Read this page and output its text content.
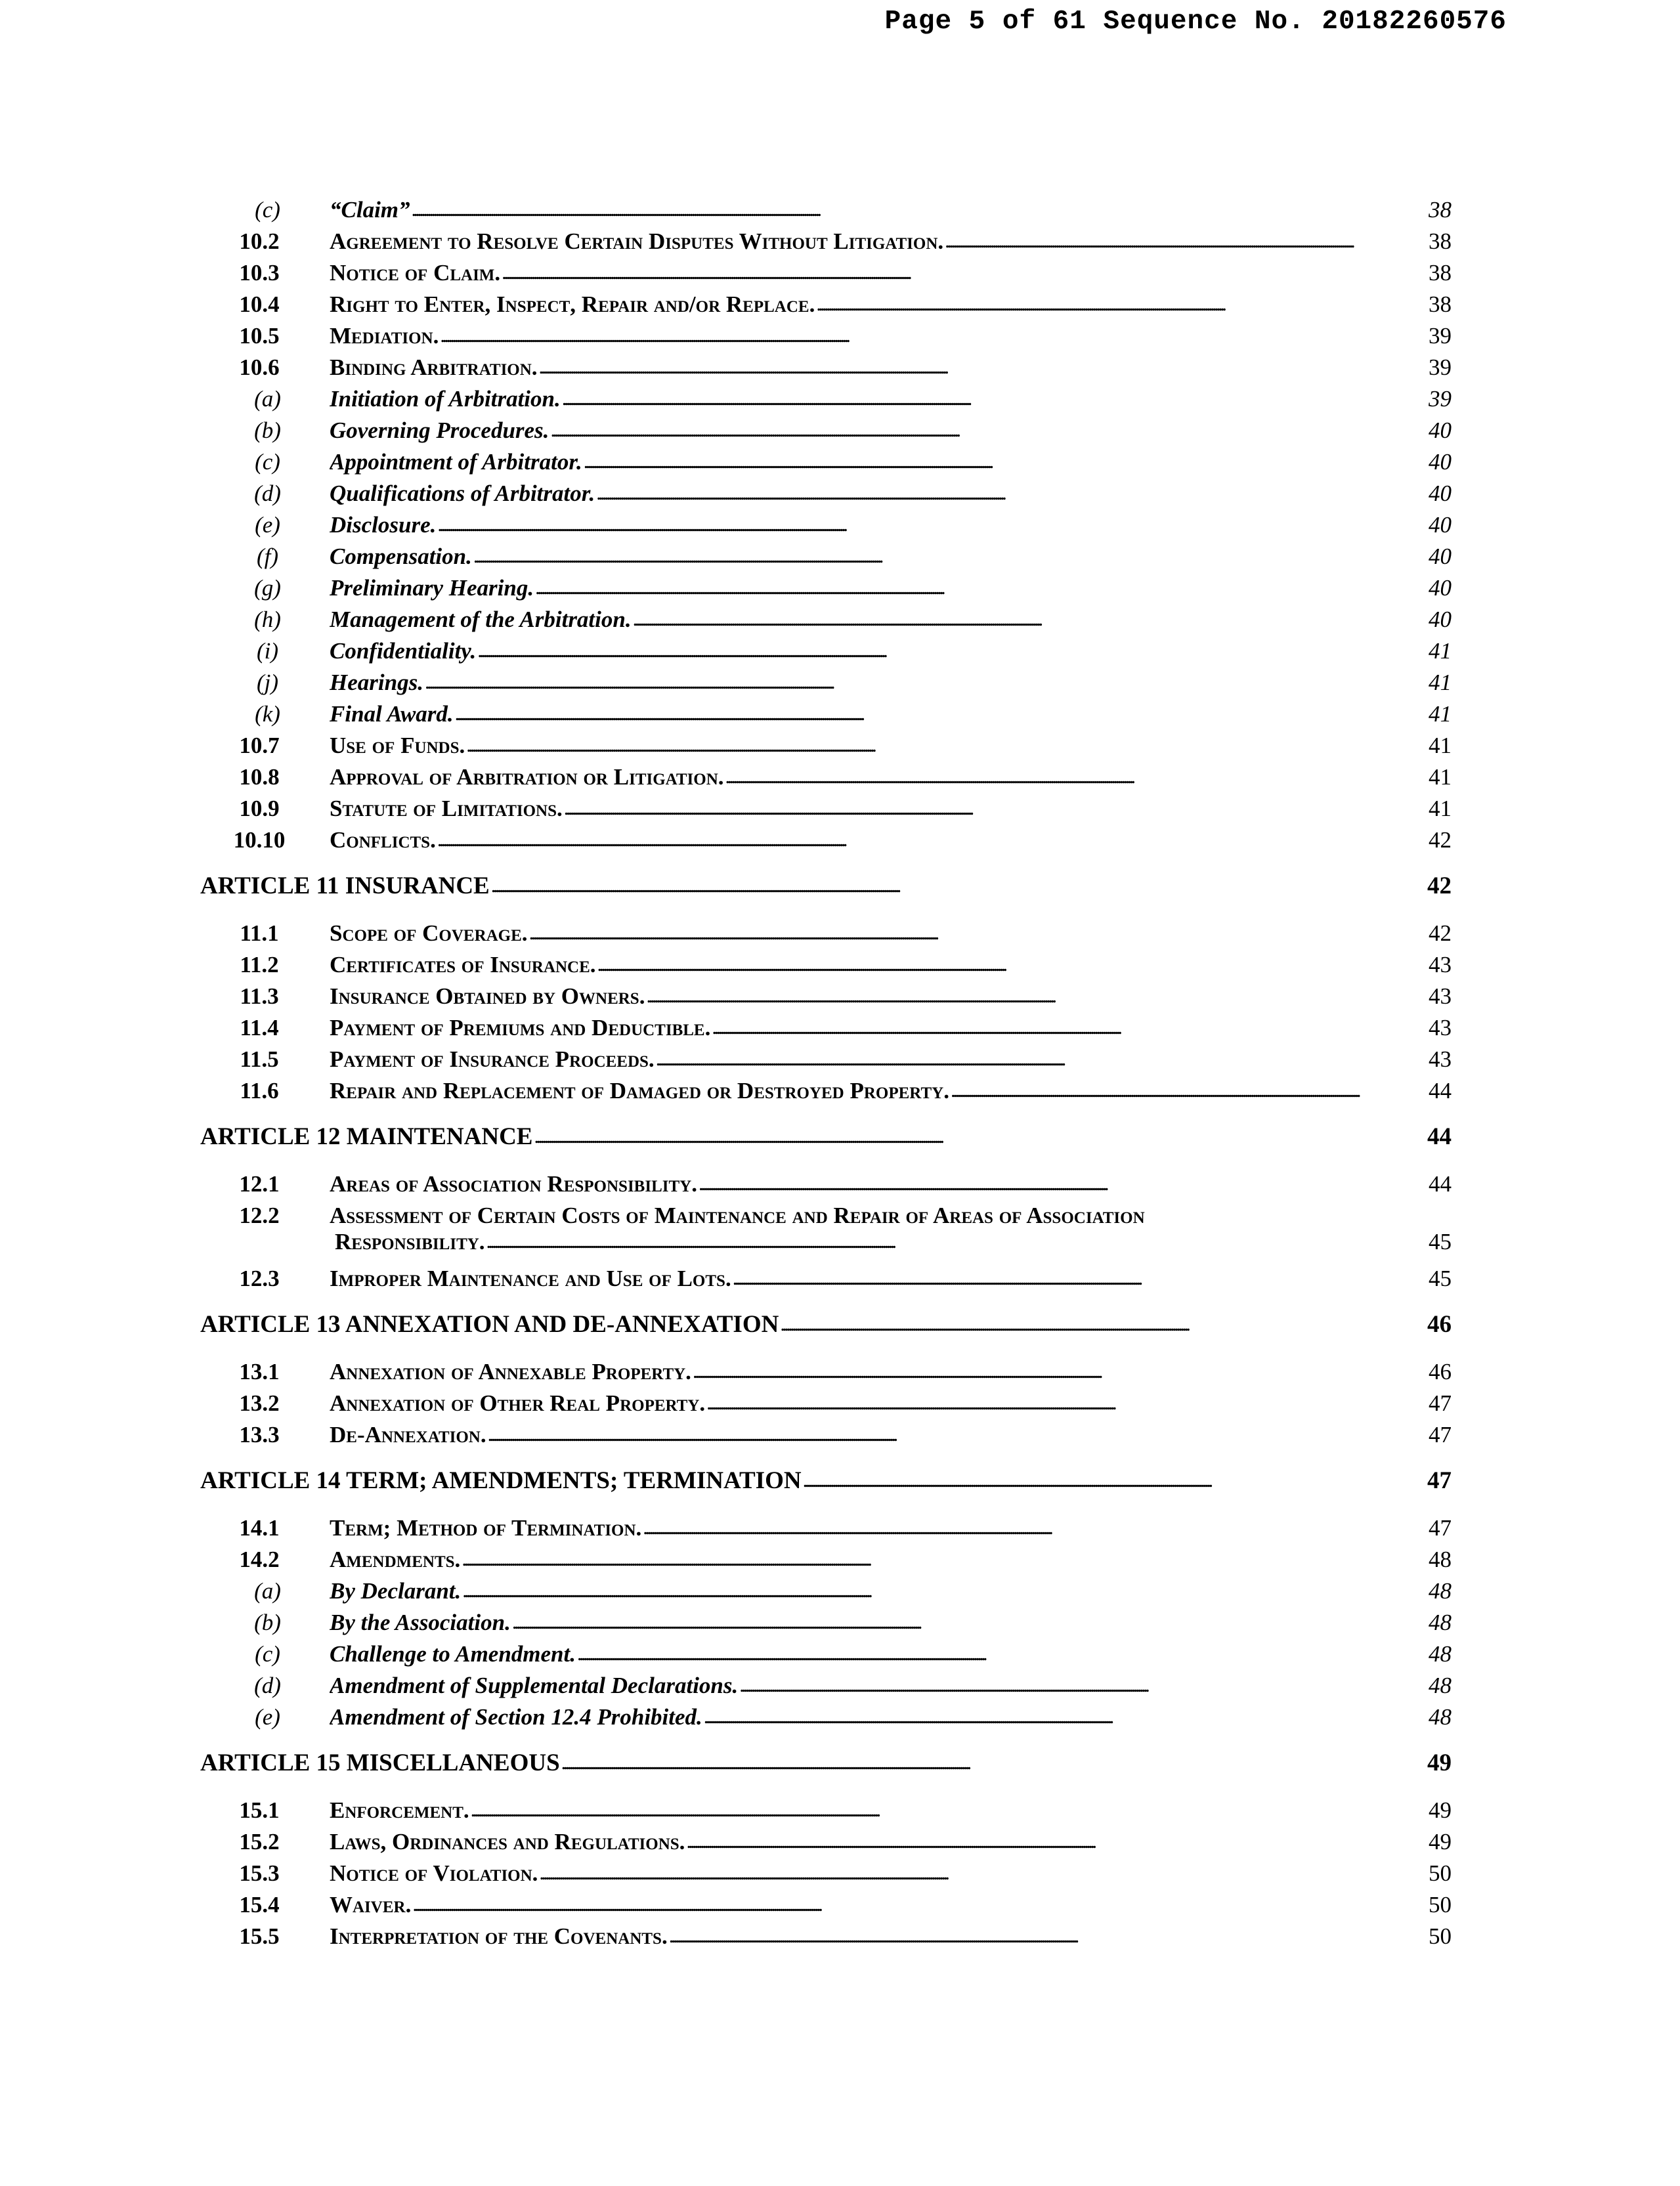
Page 5 of 61 Sequence No. 20182260576
(c)	“Claim” . . .	38
10.2	Agreement to Resolve Certain Disputes Without Litigation. . . .	38
10.3	Notice of Claim. . . .	38
10.4	Right to Enter, Inspect, Repair and/or Replace. . . .	38
10.5	Mediation. . . .	39
10.6	Binding Arbitration. . . .	39
(a)	Initiation of Arbitration. . . .	39
(b)	Governing Procedures. . . .	40
(c)	Appointment of Arbitrator. . . .	40
(d)	Qualifications of Arbitrator. . . .	40
(e)	Disclosure. . . .	40
(f)	Compensation. . . .	40
(g)	Preliminary Hearing. . . .	40
(h)	Management of the Arbitration. . . .	40
(i)	Confidentiality. . . .	41
(j)	Hearings. . . .	41
(k)	Final Award. . . .	41
10.7	Use of Funds. . . .	41
10.8	Approval of Arbitration or Litigation. . . .	41
10.9	Statute of Limitations. . . .	41
10.10	Conflicts. . . .	42
ARTICLE 11 INSURANCE . . .	42
11.1	Scope of Coverage. . . .	42
11.2	Certificates of Insurance. . . .	43
11.3	Insurance Obtained by Owners. . . .	43
11.4	Payment of Premiums and Deductible. . . .	43
11.5	Payment of Insurance Proceeds. . . .	43
11.6	Repair and Replacement of Damaged or Destroyed Property. . . .	44
ARTICLE 12 MAINTENANCE . . .	44
12.1	Areas of Association Responsibility. . . .	44
12.2	Assessment of Certain Costs of Maintenance and Repair of Areas of Association
Responsibility. . . .	45
12.3	Improper Maintenance and Use of Lots. . . .	45
ARTICLE 13 ANNEXATION AND DE-ANNEXATION . . .	46
13.1	Annexation of Annexable Property. . . .	46
13.2	Annexation of Other Real Property. . . .	47
13.3	De-Annexation. . . .	47
ARTICLE 14 TERM; AMENDMENTS; TERMINATION . . .	47
14.1	Term; Method of Termination. . . .	47
14.2	Amendments. . . .	48
(a)	By Declarant. . . .	48
(b)	By the Association. . . .	48
(c)	Challenge to Amendment. . . .	48
(d)	Amendment of Supplemental Declarations. . . .	48
(e)	Amendment of Section 12.4 Prohibited. . . .	48
ARTICLE 15 MISCELLANEOUS . . .	49
15.1	Enforcement. . . .	49
15.2	Laws, Ordinances and Regulations. . . .	49
15.3	Notice of Violation. . . .	50
15.4	Waiver. . . .	50
15.5	Interpretation of the Covenants. . . .	50
